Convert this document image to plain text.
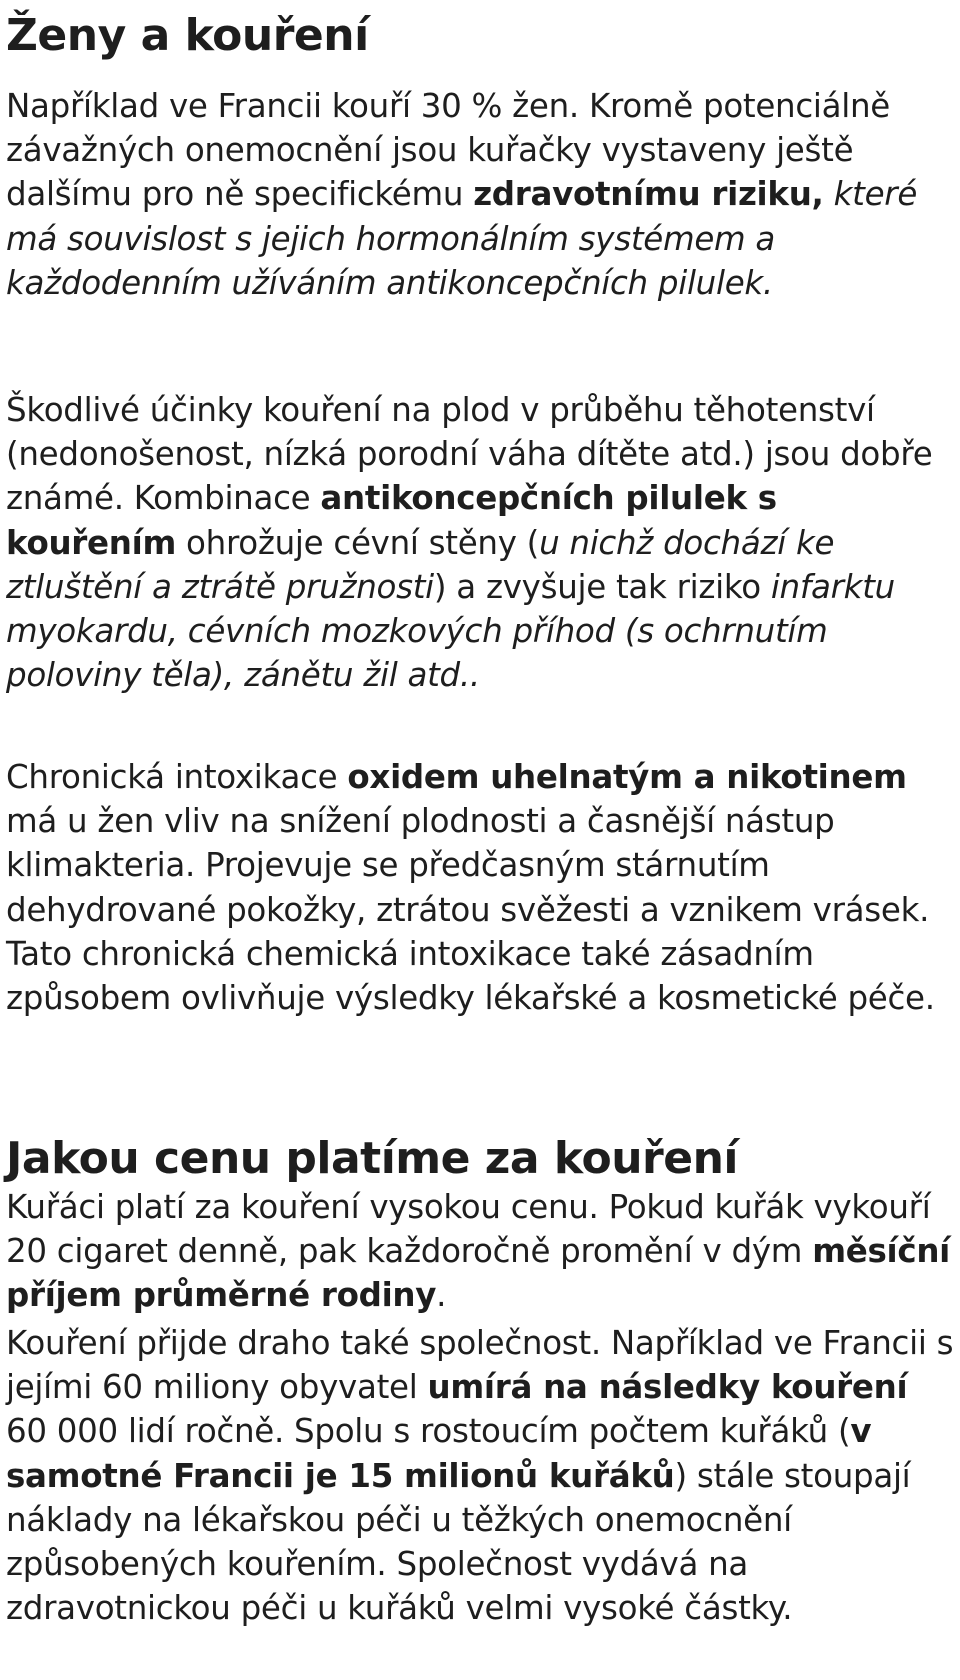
Ženy a kouření

Například ve Francii kouří 30 % žen. Kromě potenciálně závažných onemocnění jsou kuřačky vystaveny ještě dalšímu pro ně specifickému zdravotnímu riziku, které má souvislost s jejich hormonálním systémem a každodenním užíváním antikoncepčních pilulek.

Škodlivé účinky kouření na plod v průběhu těhotenství (nedonošenost, nízká porodní váha dítěte atd.) jsou dobře známé. Kombinace antikoncepčních pilulek s kouřením ohrožuje cévní stěny (u nichž dochází ke ztluštění a ztrátě pružnosti) a zvyšuje tak riziko infarktu myokardu, cévních mozkových příhod (s ochrnutím poloviny těla), zánětu žil atd..

Chronická intoxikace oxidem uhelnatým a nikotinem má u žen vliv na snížení plodnosti a časnější nástup klimakteria. Projevuje se předčasným stárnutím dehydrované pokožky, ztrátou svěžesti a vznikem vrásek. Tato chronická chemická intoxikace také zásadním způsobem ovlivňuje výsledky lékařské a kosmetické péče.

Jakou cenu platíme za kouření

Kuřáci platí za kouření vysokou cenu. Pokud kuřák vykouří 20 cigaret denně, pak každoročně promění v dým měsíční příjem průměrné rodiny.

Kouření přijde draho také společnost. Například ve Francii s jejími 60 miliony obyvatel umírá na následky kouření 60 000 lidí ročně. Spolu s rostoucím počtem kuřáků (v samotné Francii je 15 milionů kuřáků) stále stoupají náklady na lékařskou péči u těžkých onemocnění způsobených kouřením. Společnost vydává na zdravotnickou péči u kuřáků velmi vysoké částky.
